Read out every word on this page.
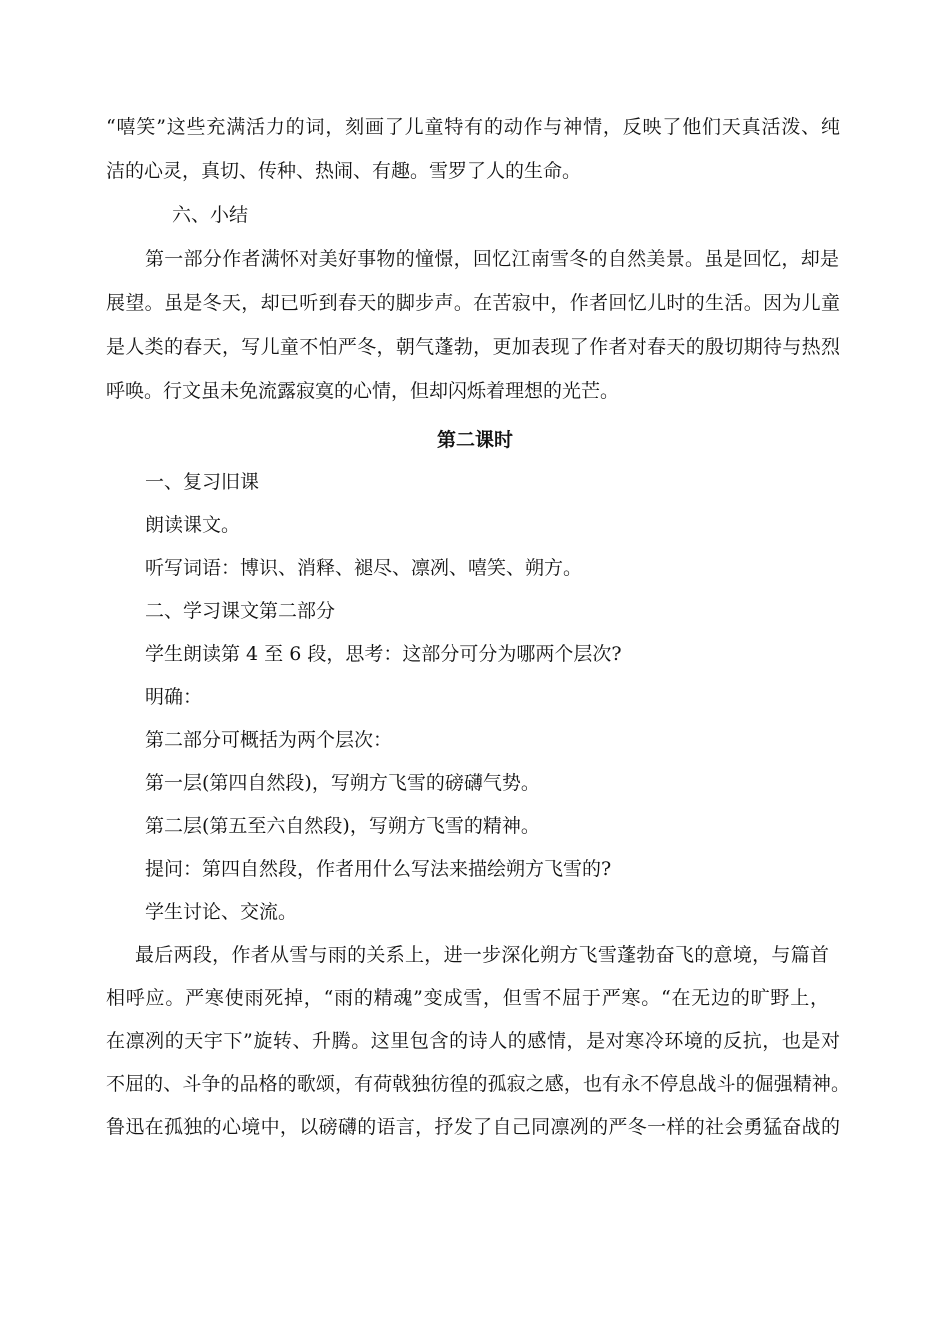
“嘻笑”这些充满活力的词，刻画了儿童特有的动作与神情，反映了他们天真活泼、纯

洁的心灵，真切、传种、热闹、有趣。雪罗了人的生命。

六、小结

第一部分作者满怀对美好事物的憧憬，回忆江南雪冬的自然美景。虽是回忆，却是

展望。虽是冬天，却已听到春天的脚步声。在苦寂中，作者回忆儿时的生活。因为儿童

是人类的春天，写儿童不怕严冬，朝气蓬勃，更加表现了作者对春天的殷切期待与热烈

呼唤。行文虽未免流露寂寞的心情，但却闪烁着理想的光芒。

第二课时

一、复习旧课

朗读课文。

听写词语：博识、消释、褪尽、凛冽、嘻笑、朔方。

二、学习课文第二部分

学生朗读第 4 至 6 段，思考：这部分可分为哪两个层次?

明确：

第二部分可概括为两个层次：

第一层(第四自然段)，写朔方飞雪的磅礴气势。

第二层(第五至六自然段)，写朔方飞雪的精神。

提问：第四自然段，作者用什么写法来描绘朔方飞雪的?

学生讨论、交流。

最后两段，作者从雪与雨的关系上，进一步深化朔方飞雪蓬勃奋飞的意境，与篇首

相呼应。严寒使雨死掉，“雨的精魂”变成雪，但雪不屈于严寒。“在无边的旷野上，

在凛冽的天宇下”旋转、升腾。这里包含的诗人的感情，是对寒冷环境的反抗，也是对

不屈的、斗争的品格的歌颂，有荷戟独彷徨的孤寂之感，也有永不停息战斗的倔强精神。

鲁迅在孤独的心境中，以磅礴的语言，抒发了自己同凛冽的严冬一样的社会勇猛奋战的
